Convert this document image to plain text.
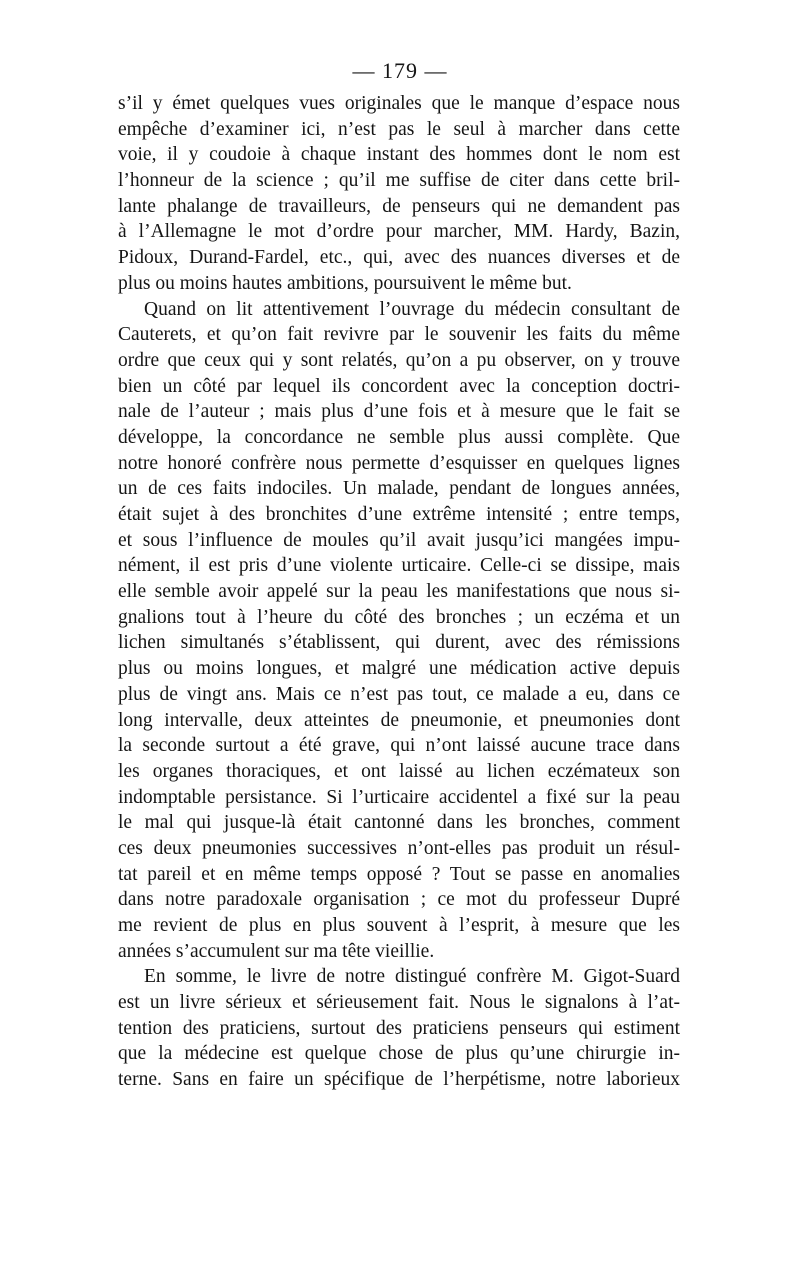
— 179 —
s’il y émet quelques vues originales que le manque d’espace nous
empêche d’examiner ici, n’est pas le seul à marcher dans cette
voie, il y coudoie à chaque instant des hommes dont le nom est
l’honneur de la science ; qu’il me suffise de citer dans cette bril-
lante phalange de travailleurs, de penseurs qui ne demandent pas
à l’Allemagne le mot d’ordre pour marcher, MM. Hardy, Bazin,
Pidoux, Durand-Fardel, etc., qui, avec des nuances diverses et de
plus ou moins hautes ambitions, poursuivent le même but.
Quand on lit attentivement l’ouvrage du médecin consultant de
Cauterets, et qu’on fait revivre par le souvenir les faits du même
ordre que ceux qui y sont relatés, qu’on a pu observer, on y trouve
bien un côté par lequel ils concordent avec la conception doctri-
nale de l’auteur ; mais plus d’une fois et à mesure que le fait se
développe, la concordance ne semble plus aussi complète. Que
notre honoré confrère nous permette d’esquisser en quelques lignes
un de ces faits indociles. Un malade, pendant de longues années,
était sujet à des bronchites d’une extrême intensité ; entre temps,
et sous l’influence de moules qu’il avait jusqu’ici mangées impu-
nément, il est pris d’une violente urticaire. Celle-ci se dissipe, mais
elle semble avoir appelé sur la peau les manifestations que nous si-
gnalions tout à l’heure du côté des bronches ; un eczéma et un
lichen simultanés s’établissent, qui durent, avec des rémissions
plus ou moins longues, et malgré une médication active depuis
plus de vingt ans. Mais ce n’est pas tout, ce malade a eu, dans ce
long intervalle, deux atteintes de pneumonie, et pneumonies dont
la seconde surtout a été grave, qui n’ont laissé aucune trace dans
les organes thoraciques, et ont laissé au lichen eczémateux son
indomptable persistance. Si l’urticaire accidentel a fixé sur la peau
le mal qui jusque-là était cantonné dans les bronches, comment
ces deux pneumonies successives n’ont-elles pas produit un résul-
tat pareil et en même temps opposé ? Tout se passe en anomalies
dans notre paradoxale organisation ; ce mot du professeur Dupré
me revient de plus en plus souvent à l’esprit, à mesure que les
années s’accumulent sur ma tête vieillie.
En somme, le livre de notre distingué confrère M. Gigot-Suard
est un livre sérieux et sérieusement fait. Nous le signalons à l’at-
tention des praticiens, surtout des praticiens penseurs qui estiment
que la médecine est quelque chose de plus qu’une chirurgie in-
terne. Sans en faire un spécifique de l’herpétisme, notre laborieux
